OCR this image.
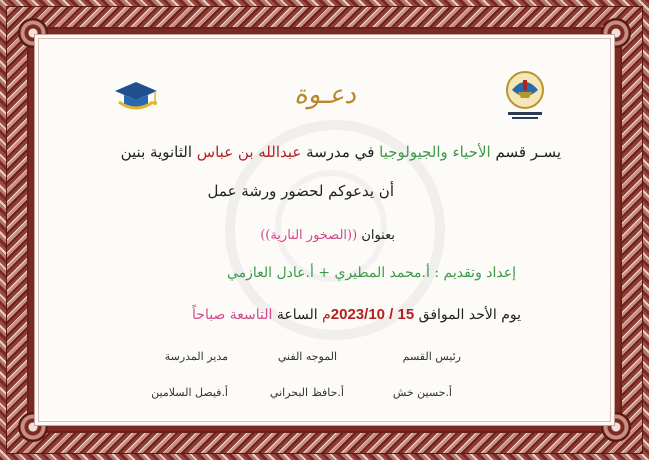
دعـوة
يسـر قسم الأحياء والجيولوجيا في مدرسة عبدالله بن عباس الثانوية بنين
أن يدعوكم لحضور ورشة عمل
بعنوان ((الصخور النارية))
إعداد وتقديم : أ.محمد المطيري + أ.عادل العازمي
يوم الأحد الموافق 15 / 2023/10م الساعة التاسعة صباحاً
رئيس القسم
أ.حسين خش
الموجه الفني
أ.حافظ البحراني
مدير المدرسة
أ.فيصل السلامين
